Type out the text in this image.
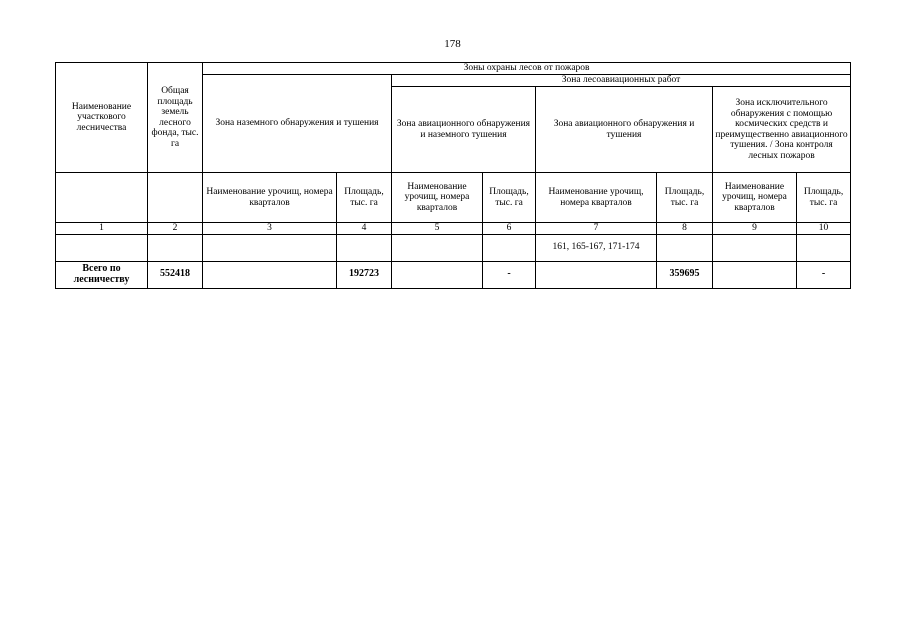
178
Наименование участкового лесничества	Общая площадь земель лесного фонда, тыс. га	Зоны охраны лесов от пожаров							
		Зона наземного обнаружения и тушения		Зона лесоавиационных работ					
				Зона авиационного обнаружения и наземного тушения		Зона авиационного обнаружения и тушения		Зона исключительного обнаружения с помощью космических средств и преимущественно авиационного тушения. / Зона контроля лесных пожаров	
		Наименование урочищ, номера кварталов	Площадь, тыс. га	Наименование урочищ, номера кварталов	Площадь, тыс. га	Наименование урочищ, номера кварталов	Площадь, тыс. га	Наименование урочищ, номера кварталов	Площадь, тыс. га
1	2	3	4	5	6	7	8	9	10
						161, 165-167, 171-174			
Всего по лесничеству	552418		192723		-		359695		-
